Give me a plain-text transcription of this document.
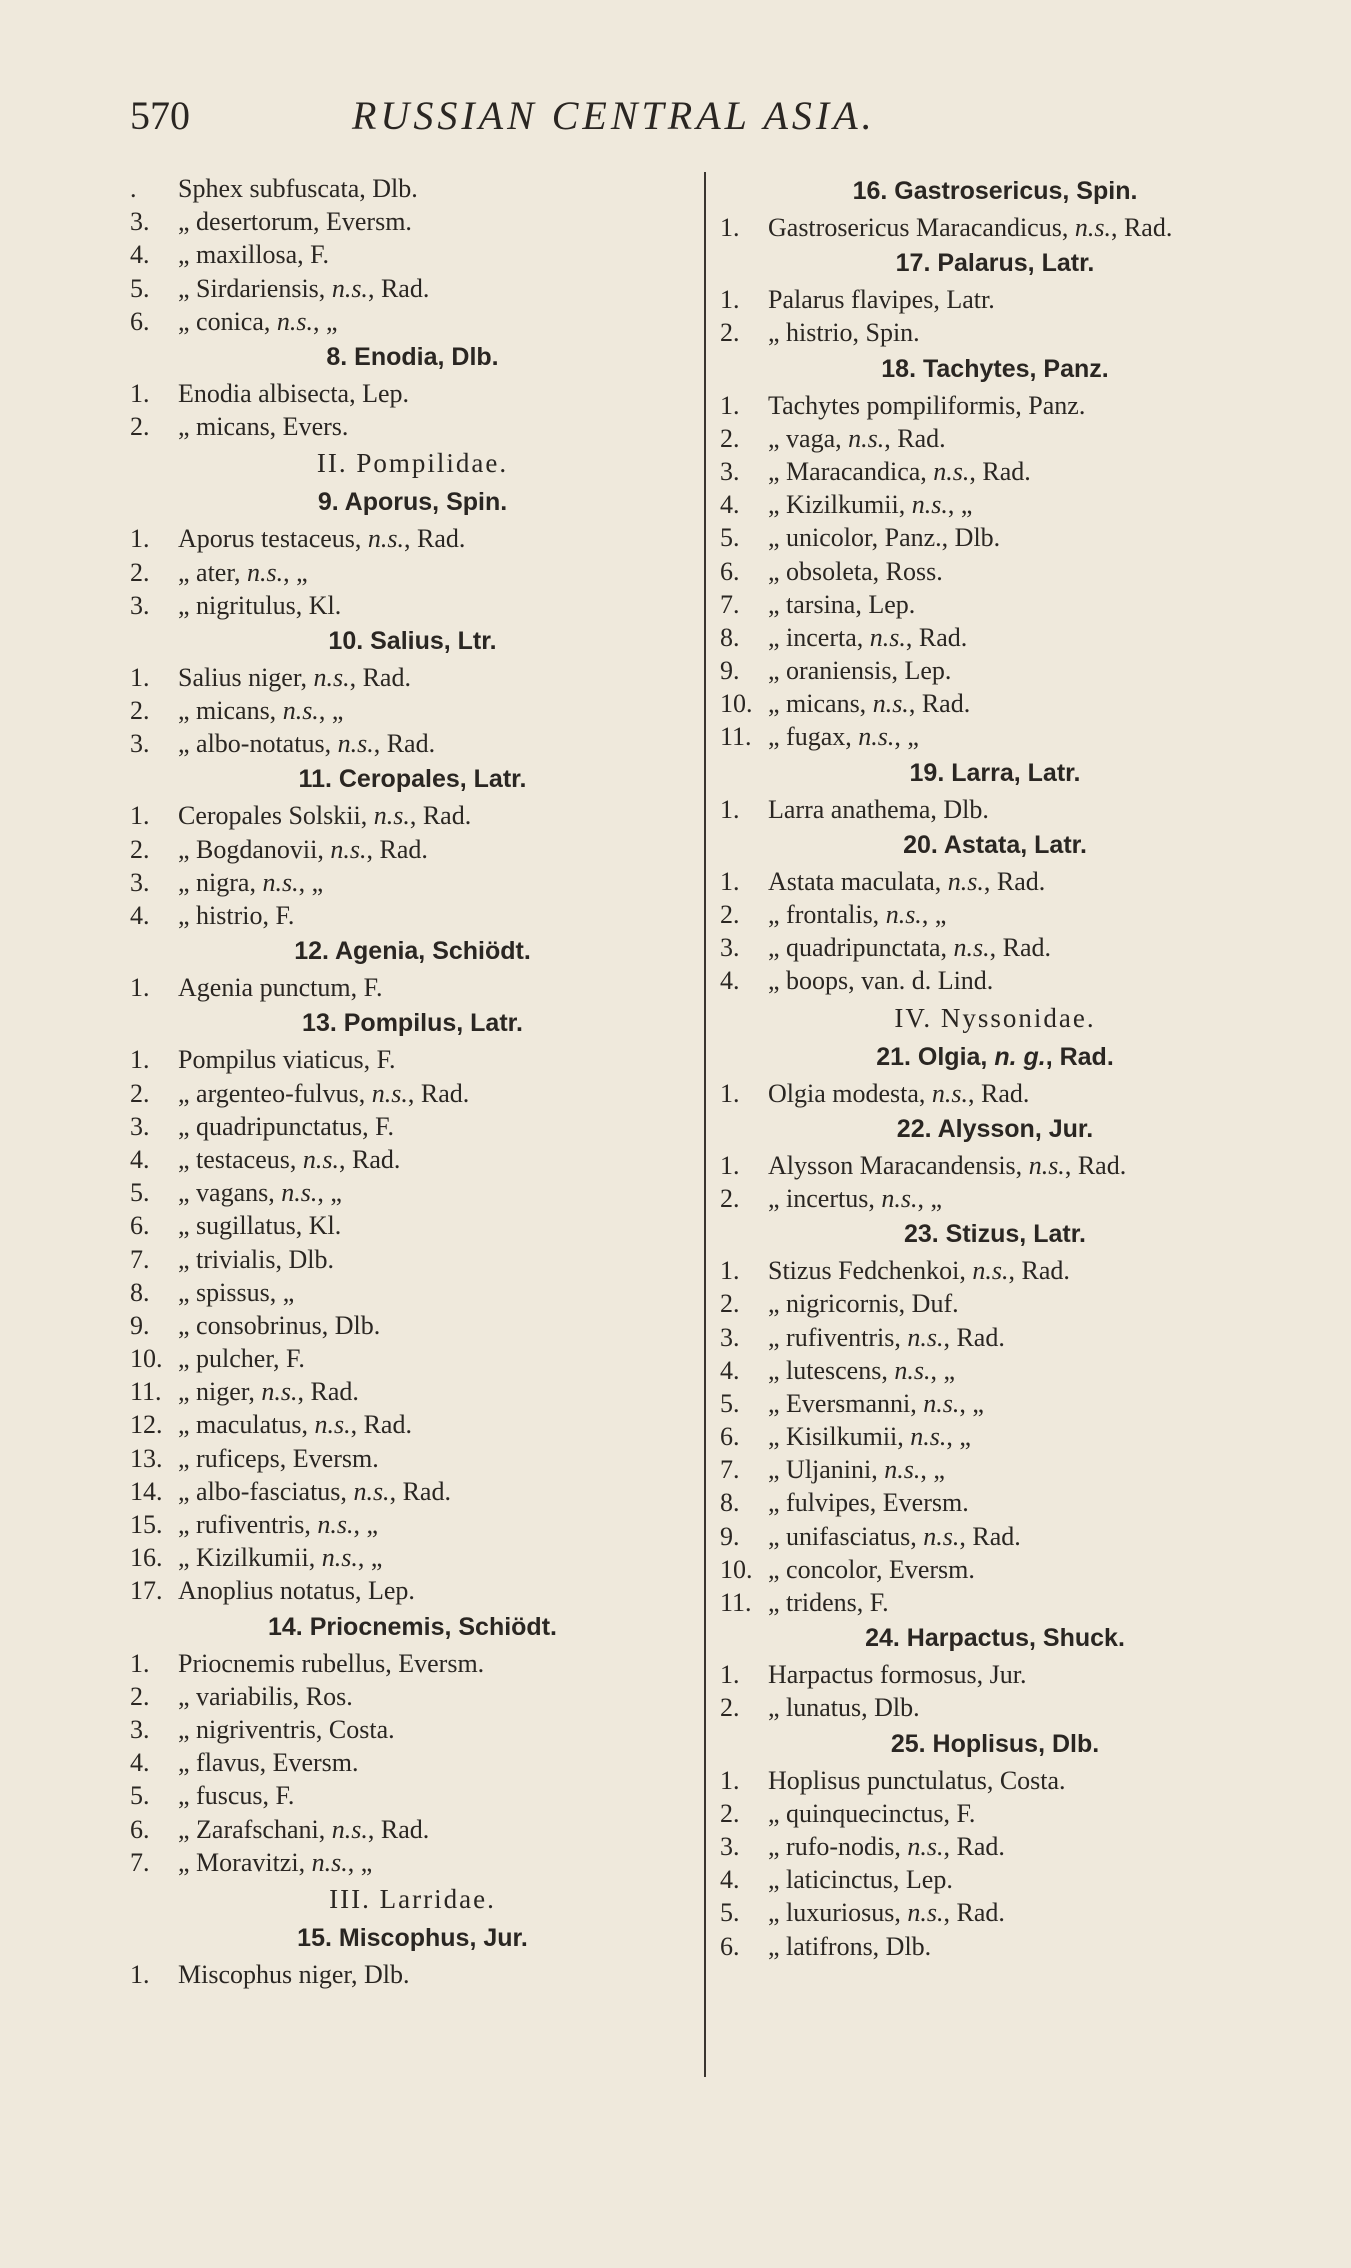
570	RUSSIAN CENTRAL ASIA.
.	Sphex subfuscata, Dlb.
3.	„ desertorum, Eversm.
4.	„ maxillosa, F.
5.	„ Sirdariensis, n.s., Rad.
6.	„ conica, n.s., „
8. Enodia, Dlb.
1.	Enodia albisecta, Lep.
2.	„ micans, Evers.
II. Pompilidae.
9. Aporus, Spin.
1.	Aporus testaceus, n.s., Rad.
2.	„ ater, n.s., „
3.	„ nigritulus, Kl.
10. Salius, Ltr.
1.	Salius niger, n.s., Rad.
2.	„ micans, n.s., „
3.	„ albo-notatus, n.s., Rad.
11. Ceropales, Latr.
1.	Ceropales Solskii, n.s., Rad.
2.	„ Bogdanovii, n.s., Rad.
3.	„ nigra, n.s., „
4.	„ histrio, F.
12. Agenia, Schiödt.
1.	Agenia punctum, F.
13. Pompilus, Latr.
1.	Pompilus viaticus, F.
2.	„ argenteo-fulvus, n.s., Rad.
3.	„ quadripunctatus, F.
4.	„ testaceus, n.s., Rad.
5.	„ vagans, n.s., „
6.	„ sugillatus, Kl.
7.	„ trivialis, Dlb.
8.	„ spissus, „
9.	„ consobrinus, Dlb.
10. „ pulcher, F.
11. „ niger, n.s., Rad.
12. „ maculatus, n.s., Rad.
13. „ ruficeps, Eversm.
14. „ albo-fasciatus, n.s., Rad.
15. „ rufiventris, n.s., „
16. „ Kizilkumii, n.s., „
17. Anoplius notatus, Lep.
14. Priocnemis, Schiödt.
1.	Priocnemis rubellus, Eversm.
2.	„ variabilis, Ros.
3.	„ nigriventris, Costa.
4.	„ flavus, Eversm.
5.	„ fuscus, F.
6.	„ Zarafschani, n.s., Rad.
7.	„ Moravitzi, n.s., „
III. Larridae.
15. Miscophus, Jur.
1.	Miscophus niger, Dlb.
16. Gastrosericus, Spin.
1.	Gastrosericus Maracandicus, n.s., Rad.
17. Palarus, Latr.
1.	Palarus flavipes, Latr.
2.	„ histrio, Spin.
18. Tachytes, Panz.
1.	Tachytes pompiliformis, Panz.
2.	„ vaga, n.s., Rad.
3.	„ Maracandica, n.s., Rad.
4.	„ Kizilkumii, n.s., „
5.	„ unicolor, Panz., Dlb.
6.	„ obsoleta, Ross.
7.	„ tarsina, Lep.
8.	„ incerta, n.s., Rad.
9.	„ oraniensis, Lep.
10. „ micans, n.s., Rad.
11. „ fugax, n.s., „
19. Larra, Latr.
1.	Larra anathema, Dlb.
20. Astata, Latr.
1.	Astata maculata, n.s., Rad.
2.	„ frontalis, n.s., „
3.	„ quadripunctata, n.s., Rad.
4.	„ boops, van. d. Lind.
IV. Nyssonidae.
21. Olgia, n. g., Rad.
1.	Olgia modesta, n.s., Rad.
22. Alysson, Jur.
1.	Alysson Maracandensis, n.s., Rad.
2.	„ incertus, n.s., „
23. Stizus, Latr.
1.	Stizus Fedchenkoi, n.s., Rad.
2.	„ nigricornis, Duf.
3.	„ rufiventris, n.s., Rad.
4.	„ lutescens, n.s., „
5.	„ Eversmanni, n.s., „
6.	„ Kisilkumii, n.s., „
7.	„ Uljanini, n.s., „
8.	„ fulvipes, Eversm.
9.	„ unifasciatus, n.s., Rad.
10. „ concolor, Eversm.
11. „ tridens, F.
24. Harpactus, Shuck.
1.	Harpactus formosus, Jur.
2.	„ lunatus, Dlb.
25. Hoplisus, Dlb.
1.	Hoplisus punctulatus, Costa.
2.	„ quinquecinctus, F.
3.	„ rufo-nodis, n.s., Rad.
4.	„ laticinctus, Lep.
5.	„ luxuriosus, n.s., Rad.
6.	„ latifrons, Dlb.
